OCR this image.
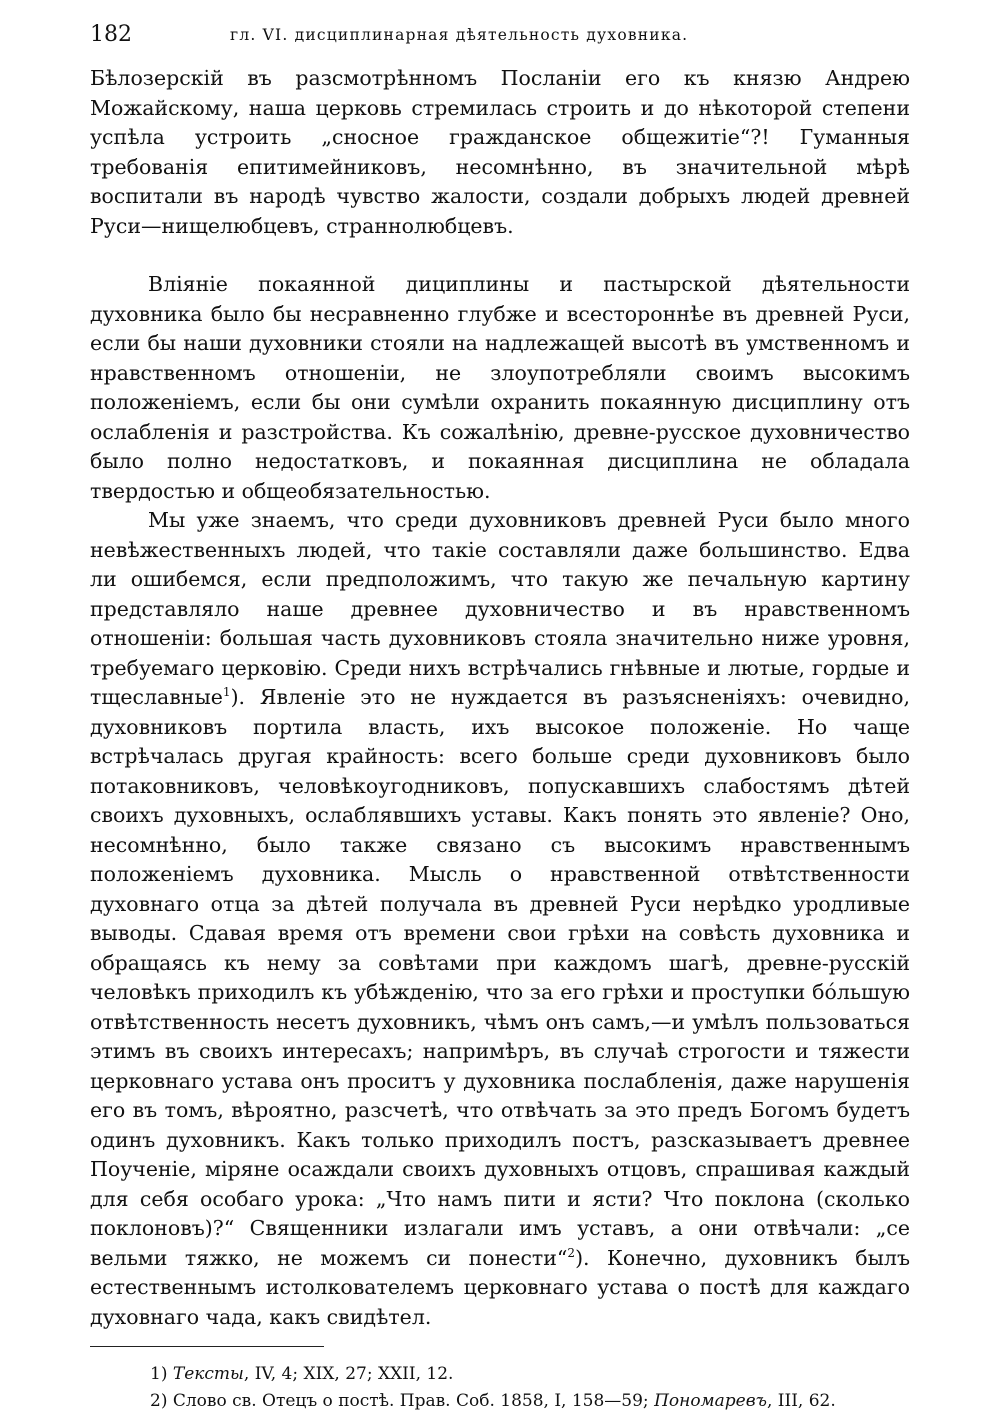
182	гл. VI. дисциплинарная дѣятельность духовника.

Бѣлозерскій въ разсмотрѣнномъ Посланіи его къ князю Андрею Можайскому, наша церковь стремилась строить и до нѣкоторой степени успѣла устроить „сносное гражданское общежитіе“?! Гуманныя требованія епитимейниковъ, несомнѣнно, въ значительной мѣрѣ воспитали въ народѣ чувство жалости, создали добрыхъ людей древней Руси—нищелюбцевъ, страннолюбцевъ.

Вліяніе покаянной дициплины и пастырской дѣятельности духовника было бы несравненно глубже и всестороннѣе въ древней Руси, если бы наши духовники стояли на надлежащей высотѣ въ умственномъ и нравственномъ отношеніи, не злоупотребляли своимъ высокимъ положеніемъ, если бы они сумѣли охранить покаянную дисциплину отъ ослабленія и разстройства. Къ сожалѣнію, древне-русское духовничество было полно недостатковъ, и покаянная дисциплина не обладала твердостью и общеобязательностью.

Мы уже знаемъ, что среди духовниковъ древней Руси было много невѣжественныхъ людей, что такіе составляли даже большинство. Едва ли ошибемся, если предположимъ, что такую же печальную картину представляло наше древнее духовничество и въ нравственномъ отношеніи: большая часть духовниковъ стояла значительно ниже уровня, требуемаго церковію. Среди нихъ встрѣчались гнѣвные и лютые, гордые и тщеславные$^1$). Явленіе это не нуждается въ разъясненіяхъ: очевидно, духовниковъ портила власть, ихъ высокое положеніе. Но чаще встрѣчалась другая крайность: всего больше среди духовниковъ было потаковниковъ, человѣкоугодниковъ, попускавшихъ слабостямъ дѣтей своихъ духовныхъ, ослаблявшихъ уставы. Какъ понять это явленіе? Оно, несомнѣнно, было также связано съ высокимъ нравственнымъ положеніемъ духовника. Мысль о нравственной отвѣтственности духовнаго отца за дѣтей получала въ древней Руси нерѣдко уродливые выводы. Сдавая время отъ времени свои грѣхи на совѣсть духовника и обращаясь къ нему за совѣтами при каждомъ шагѣ, древне-русскій человѣкъ приходилъ къ убѣжденію, что за его грѣхи и проступки бóльшую отвѣтственность несетъ духовникъ, чѣмъ онъ самъ,—и умѣлъ пользоваться этимъ въ своихъ интересахъ; напримѣръ, въ случаѣ строгости и тяжести церковнаго устава онъ проситъ у духовника послабленія, даже нарушенія его въ томъ, вѣроятно, разсчетѣ, что отвѣчать за это предъ Богомъ будетъ одинъ духовникъ. Какъ только приходилъ постъ, разсказываетъ древнее Поученіе, міряне осаждали своихъ духовныхъ отцовъ, спрашивая каждый для себя особаго урока: „Что намъ пити и ясти? Что поклона (сколько поклоновъ)?“ Священники излагали имъ уставъ, а они отвѣчали: „се вельми тяжко, не можемъ си понести“$^2$). Конечно, духовникъ былъ естественнымъ истолкователемъ церковнаго устава о постѣ для каждаго духовнаго чада, какъ свидѣтел.

1) Тексты, IV, 4; XIX, 27; XXII, 12.

2) Слово св. Отецъ о постѣ. Прав. Соб. 1858, I, 158—59; Пономаревъ, III, 62.
